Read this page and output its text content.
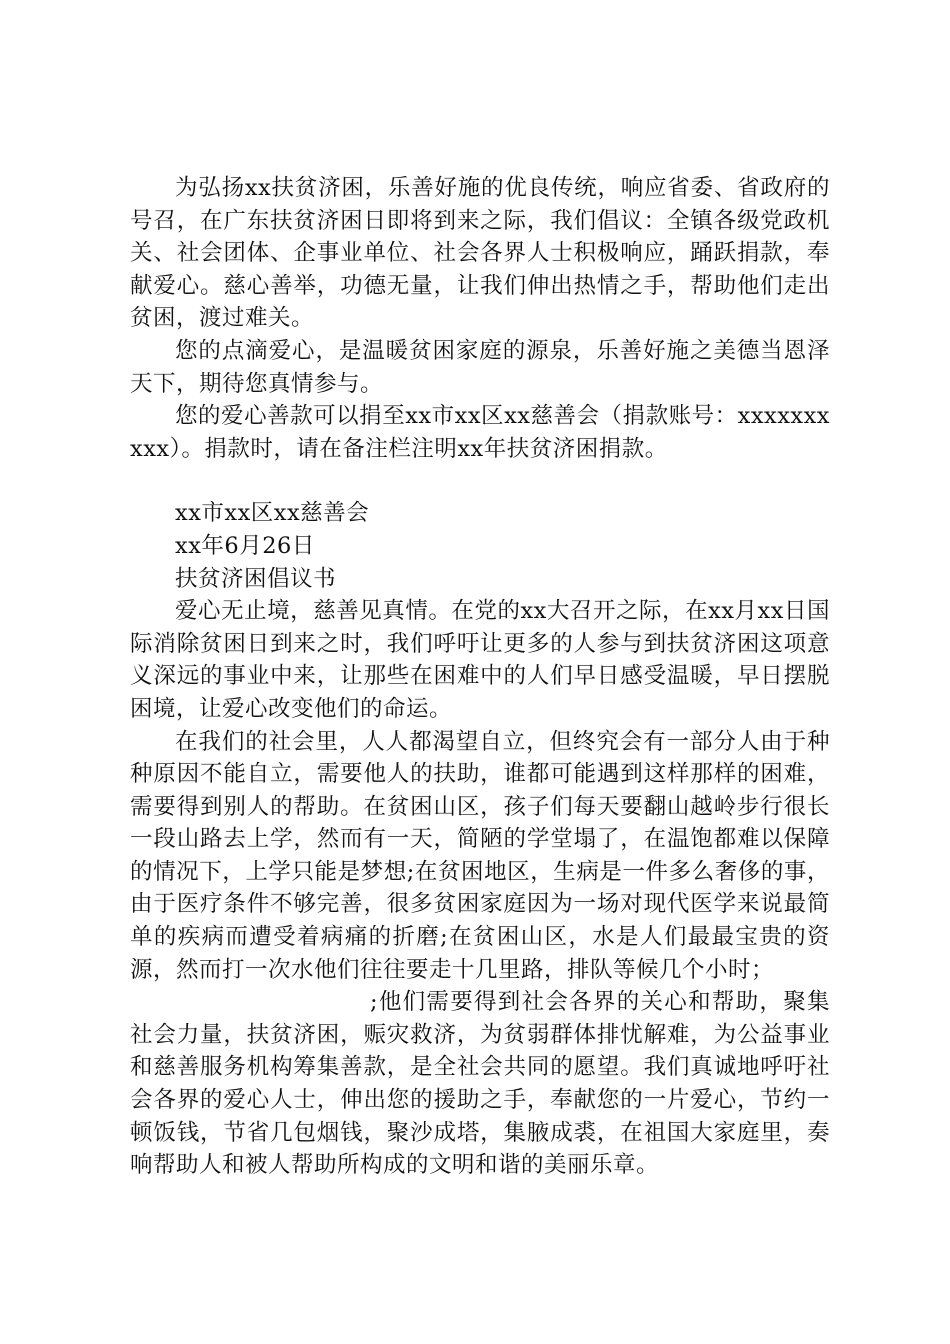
为弘扬xx扶贫济困，乐善好施的优良传统，响应省委、省政府的号召，在广东扶贫济困日即将到来之际，我们倡议：全镇各级党政机关、社会团体、企事业单位、社会各界人士积极响应，踊跃捐款，奉献爱心。慈心善举，功德无量，让我们伸出热情之手，帮助他们走出贫困，渡过难关。

您的点滴爱心，是温暖贫困家庭的源泉，乐善好施之美德当恩泽天下，期待您真情参与。

您的爱心善款可以捐至xx市xx区xx慈善会（捐款账号：xxxxxxxxxx）。捐款时，请在备注栏注明xx年扶贫济困捐款。

xx市xx区xx慈善会

xx年6月26日

扶贫济困倡议书

爱心无止境，慈善见真情。在党的xx大召开之际，在xx月xx日国际消除贫困日到来之时，我们呼吁让更多的人参与到扶贫济困这项意义深远的事业中来，让那些在困难中的人们早日感受温暖，早日摆脱困境，让爱心改变他们的命运。

在我们的社会里，人人都渴望自立，但终究会有一部分人由于种种原因不能自立，需要他人的扶助，谁都可能遇到这样那样的困难，需要得到别人的帮助。在贫困山区，孩子们每天要翻山越岭步行很长一段山路去上学，然而有一天，简陋的学堂塌了，在温饱都难以保障的情况下，上学只能是梦想;在贫困地区，生病是一件多么奢侈的事，由于医疗条件不够完善，很多贫困家庭因为一场对现代医学来说最简单的疾病而遭受着病痛的折磨;在贫困山区，水是人们最最宝贵的资源，然而打一次水他们往往要走十几里路，排队等候几个小时；

;他们需要得到社会各界的关心和帮助，聚集社会力量，扶贫济困，赈灾救济，为贫弱群体排忧解难，为公益事业和慈善服务机构筹集善款，是全社会共同的愿望。我们真诚地呼吁社会各界的爱心人士，伸出您的援助之手，奉献您的一片爱心，节约一顿饭钱，节省几包烟钱，聚沙成塔，集腋成裘，在祖国大家庭里，奏响帮助人和被人帮助所构成的文明和谐的美丽乐章。
